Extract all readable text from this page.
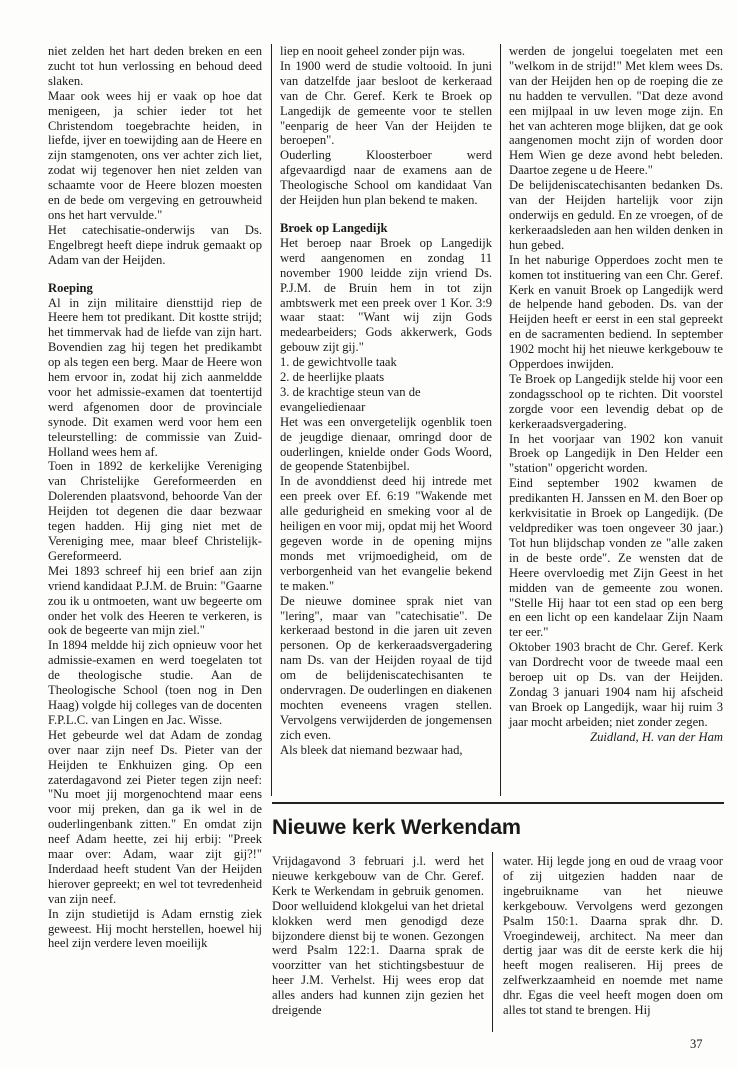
niet zelden het hart deden breken en een zucht tot hun verlossing en behoud deed slaken.

Maar ook wees hij er vaak op hoe dat menigeen, ja schier ieder tot het Christendom toegebrachte heiden, in liefde, ijver en toewijding aan de Heere en zijn stamgenoten, ons ver achter zich liet, zodat wij tegenover hen niet zelden van schaamte voor de Heere blozen moesten en de bede om vergeving en getrouwheid ons het hart vervulde."

Het catechisatie-onderwijs van Ds. Engelbregt heeft diepe indruk gemaakt op Adam van der Heijden.

Roeping

Al in zijn militaire diensttijd riep de Heere hem tot predikant. Dit kostte strijd; het timmervak had de liefde van zijn hart. Bovendien zag hij tegen het predikambt op als tegen een berg. Maar de Heere won hem ervoor in, zodat hij zich aanmeldde voor het admissie-examen dat toentertijd werd afgenomen door de provinciale synode. Dit examen werd voor hem een teleurstelling: de commissie van Zuid-Holland wees hem af.

Toen in 1892 de kerkelijke Vereniging van Christelijke Gereformeerden en Dolerenden plaatsvond, behoorde Van der Heijden tot degenen die daar bezwaar tegen hadden. Hij ging niet met de Vereniging mee, maar bleef Christelijk-Gereformeerd.

Mei 1893 schreef hij een brief aan zijn vriend kandidaat P.J.M. de Bruin: "Gaarne zou ik u ontmoeten, want uw begeerte om onder het volk des Heeren te verkeren, is ook de begeerte van mijn ziel."

In 1894 meldde hij zich opnieuw voor het admissie-examen en werd toegelaten tot de theologische studie. Aan de Theologische School (toen nog in Den Haag) volgde hij colleges van de docenten F.P.L.C. van Lingen en Jac. Wisse.

Het gebeurde wel dat Adam de zondag over naar zijn neef Ds. Pieter van der Heijden te Enkhuizen ging. Op een zaterdagavond zei Pieter tegen zijn neef: "Nu moet jij morgenochtend maar eens voor mij preken, dan ga ik wel in de ouderlingenbank zitten." En omdat zijn neef Adam heette, zei hij erbij: "Preek maar over: Adam, waar zijt gij?!" Inderdaad heeft student Van der Heijden hierover gepreekt; en wel tot tevredenheid van zijn neef.

In zijn studietijd is Adam ernstig ziek geweest. Hij mocht herstellen, hoewel hij heel zijn verdere leven moeilijk

liep en nooit geheel zonder pijn was.

In 1900 werd de studie voltooid. In juni van datzelfde jaar besloot de kerkeraad van de Chr. Geref. Kerk te Broek op Langedijk de gemeente voor te stellen "eenparig de heer Van der Heijden te beroepen".

Ouderling Kloosterboer werd afgevaardigd naar de examens aan de Theologische School om kandidaat Van der Heijden hun plan bekend te maken.

Broek op Langedijk

Het beroep naar Broek op Langedijk werd aangenomen en zondag 11 november 1900 leidde zijn vriend Ds. P.J.M. de Bruin hem in tot zijn ambtswerk met een preek over 1 Kor. 3:9 waar staat: "Want wij zijn Gods medearbeiders; Gods akkerwerk, Gods gebouw zijt gij."

1. de gewichtvolle taak

2. de heerlijke plaats

3. de krachtige steun van de evangeliedienaar

Het was een onvergetelijk ogenblik toen de jeugdige dienaar, omringd door de ouderlingen, knielde onder Gods Woord, de geopende Statenbijbel.

In de avonddienst deed hij intrede met een preek over Ef. 6:19 "Wakende met alle gedurigheid en smeking voor al de heiligen en voor mij, opdat mij het Woord gegeven worde in de opening mijns monds met vrijmoedigheid, om de verborgenheid van het evangelie bekend te maken."

De nieuwe dominee sprak niet van "lering", maar van "catechisatie". De kerkeraad bestond in die jaren uit zeven personen. Op de kerkeraadsvergadering nam Ds. van der Heijden royaal de tijd om de belijdeniscatechisanten te ondervragen. De ouderlingen en diakenen mochten eveneens vragen stellen. Vervolgens verwijderden de jongemensen zich even.

Als bleek dat niemand bezwaar had,

werden de jongelui toegelaten met een "welkom in de strijd!" Met klem wees Ds. van der Heijden hen op de roeping die ze nu hadden te vervullen. "Dat deze avond een mijlpaal in uw leven moge zijn. En het van achteren moge blijken, dat ge ook aangenomen mocht zijn of worden door Hem Wien ge deze avond hebt beleden. Daartoe zegene u de Heere."

De belijdeniscatechisanten bedanken Ds. van der Heijden hartelijk voor zijn onderwijs en geduld. En ze vroegen, of de kerkeraadsleden aan hen wilden denken in hun gebed.

In het naburige Opperdoes zocht men te komen tot instituering van een Chr. Geref. Kerk en vanuit Broek op Langedijk werd de helpende hand geboden. Ds. van der Heijden heeft er eerst in een stal gepreekt en de sacramenten bediend. In september 1902 mocht hij het nieuwe kerkgebouw te Opperdoes inwijden.

Te Broek op Langedijk stelde hij voor een zondagsschool op te richten. Dit voorstel zorgde voor een levendig debat op de kerkeraadsvergadering.

In het voorjaar van 1902 kon vanuit Broek op Langedijk in Den Helder een "station" opgericht worden.

Eind september 1902 kwamen de predikanten H. Janssen en M. den Boer op kerkvisitatie in Broek op Langedijk. (De veldprediker was toen ongeveer 30 jaar.) Tot hun blijdschap vonden ze "alle zaken in de beste orde". Ze wensten dat de Heere overvloedig met Zijn Geest in het midden van de gemeente zou wonen. "Stelle Hij haar tot een stad op een berg en een licht op een kandelaar Zijn Naam ter eer."

Oktober 1903 bracht de Chr. Geref. Kerk van Dordrecht voor de tweede maal een beroep uit op Ds. van der Heijden. Zondag 3 januari 1904 nam hij afscheid van Broek op Langedijk, waar hij ruim 3 jaar mocht arbeiden; niet zonder zegen.

Zuidland, H. van der Ham

Nieuwe kerk Werkendam

Vrijdagavond 3 februari j.l. werd het nieuwe kerkgebouw van de Chr. Geref. Kerk te Werkendam in gebruik genomen. Door welluidend klokgelui van het drietal klokken werd men genodigd deze bijzondere dienst bij te wonen. Gezongen werd Psalm 122:1. Daarna sprak de voorzitter van het stichtingsbestuur de heer J.M. Verhelst. Hij wees erop dat alles anders had kunnen zijn gezien het dreigende

water. Hij legde jong en oud de vraag voor of zij uitgezien hadden naar de ingebruikname van het nieuwe kerkgebouw. Vervolgens werd gezongen Psalm 150:1. Daarna sprak dhr. D. Vroegindeweij, architect. Na meer dan dertig jaar was dit de eerste kerk die hij heeft mogen realiseren. Hij prees de zelfwerkzaamheid en noemde met name dhr. Egas die veel heeft mogen doen om alles tot stand te brengen. Hij

37
